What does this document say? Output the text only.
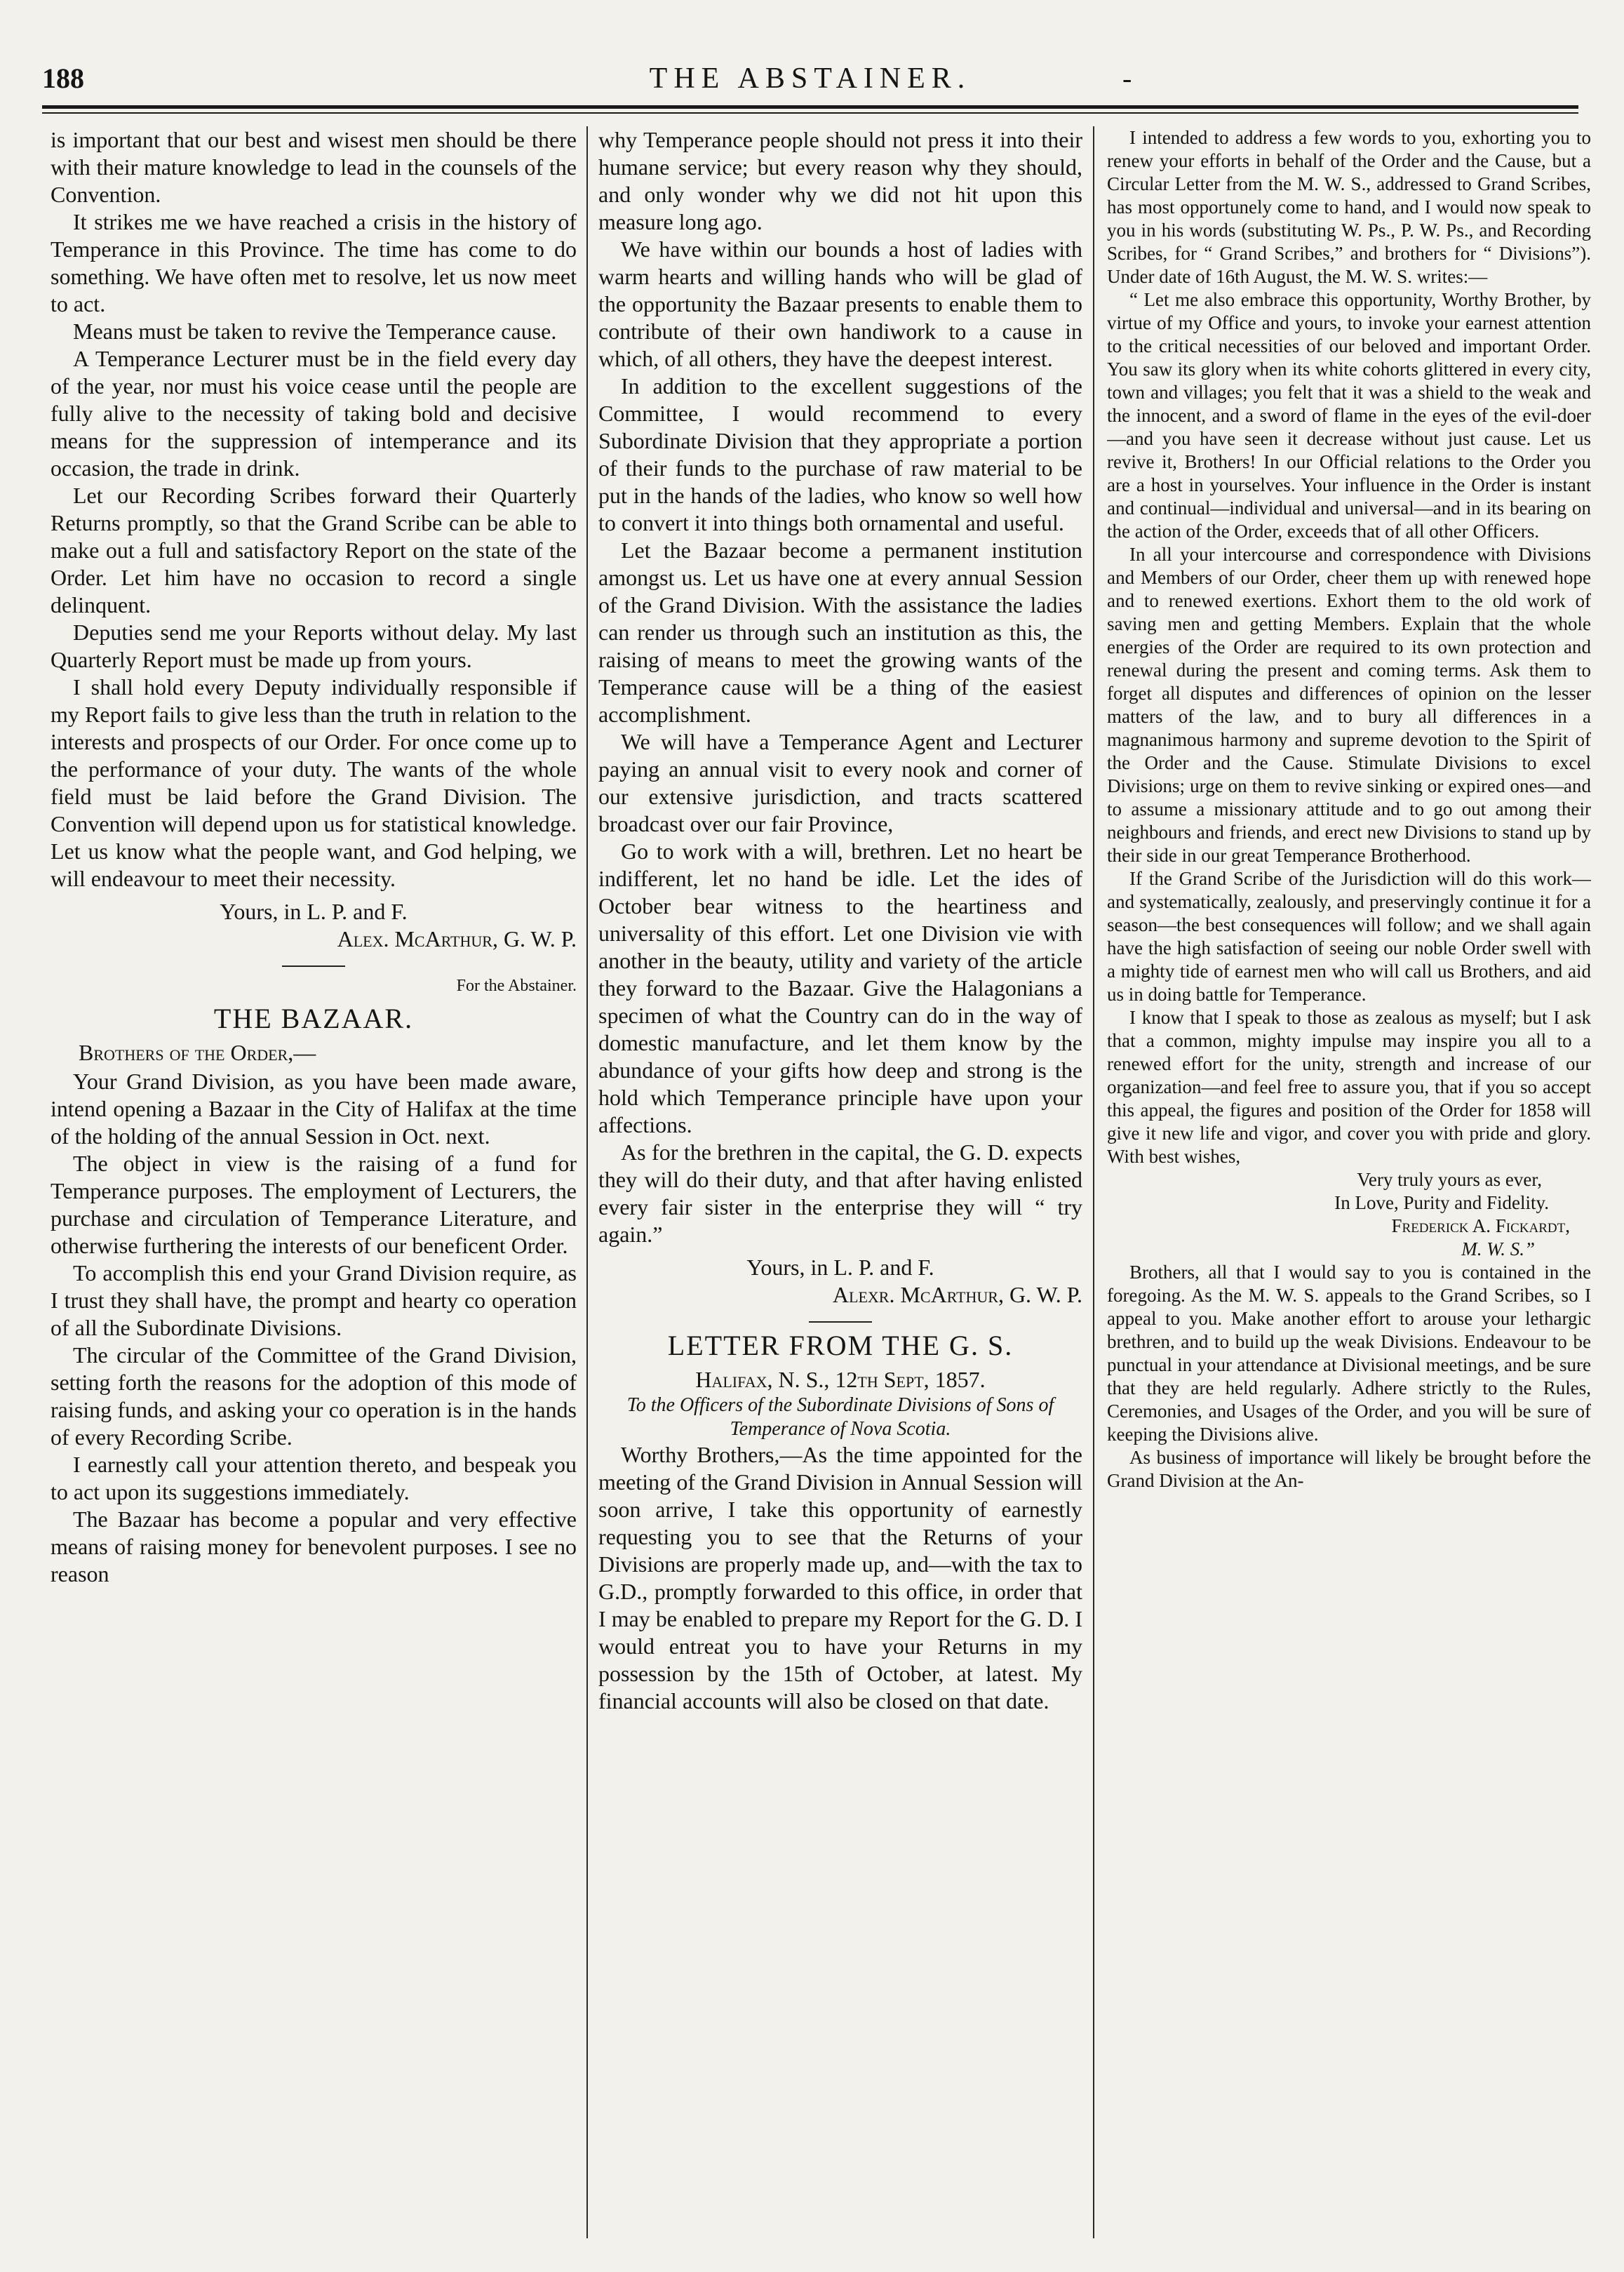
188	THE ABSTAINER.	-

is important that our best and wisest men should be there with their mature knowledge to lead in the counsels of the Convention.

It strikes me we have reached a crisis in the history of Temperance in this Province. The time has come to do something. We have often met to resolve, let us now meet to act.

Means must be taken to revive the Temperance cause.

A Temperance Lecturer must be in the field every day of the year, nor must his voice cease until the people are fully alive to the necessity of taking bold and decisive means for the suppression of intemperance and its occasion, the trade in drink.

Let our Recording Scribes forward their Quarterly Returns promptly, so that the Grand Scribe can be able to make out a full and satisfactory Report on the state of the Order. Let him have no occasion to record a single delinquent.

Deputies send me your Reports without delay. My last Quarterly Report must be made up from yours.

I shall hold every Deputy individually responsible if my Report fails to give less than the truth in relation to the interests and prospects of our Order. For once come up to the performance of your duty. The wants of the whole field must be laid before the Grand Division. The Convention will depend upon us for statistical knowledge. Let us know what the people want, and God helping, we will endeavour to meet their necessity.

Yours, in L. P. and F.
Alex. McArthur, G. W. P.
For the Abstainer.
THE BAZAAR.
Brothers of the Order,—

Your Grand Division, as you have been made aware, intend opening a Bazaar in the City of Halifax at the time of the holding of the annual Session in Oct. next.

The object in view is the raising of a fund for Temperance purposes. The employment of Lecturers, the purchase and circulation of Temperance Literature, and otherwise furthering the interests of our beneficent Order.

To accomplish this end your Grand Division require, as I trust they shall have, the prompt and hearty co operation of all the Subordinate Divisions.

The circular of the Committee of the Grand Division, setting forth the reasons for the adoption of this mode of raising funds, and asking your co operation is in the hands of every Recording Scribe.

I earnestly call your attention thereto, and bespeak you to act upon its suggestions immediately.

The Bazaar has become a popular and very effective means of raising money for benevolent purposes. I see no reason

why Temperance people should not press it into their humane service; but every reason why they should, and only wonder why we did not hit upon this measure long ago.

We have within our bounds a host of ladies with warm hearts and willing hands who will be glad of the opportunity the Bazaar presents to enable them to contribute of their own handiwork to a cause in which, of all others, they have the deepest interest.

In addition to the excellent suggestions of the Committee, I would recommend to every Subordinate Division that they appropriate a portion of their funds to the purchase of raw material to be put in the hands of the ladies, who know so well how to convert it into things both ornamental and useful.

Let the Bazaar become a permanent institution amongst us. Let us have one at every annual Session of the Grand Division. With the assistance the ladies can render us through such an institution as this, the raising of means to meet the growing wants of the Temperance cause will be a thing of the easiest accomplishment.

We will have a Temperance Agent and Lecturer paying an annual visit to every nook and corner of our extensive jurisdiction, and tracts scattered broadcast over our fair Province,

Go to work with a will, brethren. Let no heart be indifferent, let no hand be idle. Let the ides of October bear witness to the heartiness and universality of this effort. Let one Division vie with another in the beauty, utility and variety of the article they forward to the Bazaar. Give the Halagonians a specimen of what the Country can do in the way of domestic manufacture, and let them know by the abundance of your gifts how deep and strong is the hold which Temperance principle have upon your affections.

As for the brethren in the capital, the G. D. expects they will do their duty, and that after having enlisted every fair sister in the enterprise they will “ try again.”

Yours, in L. P. and F.
Alexr. McArthur, G. W. P.
LETTER FROM THE G. S.
Halifax, N. S., 12th Sept, 1857.
To the Officers of the Subordinate Divisions of Sons of Temperance of Nova Scotia.

Worthy Brothers,—As the time appointed for the meeting of the Grand Division in Annual Session will soon arrive, I take this opportunity of earnestly requesting you to see that the Returns of your Divisions are properly made up, and—with the tax to G.D., promptly forwarded to this office, in order that I may be enabled to prepare my Report for the G. D. I would entreat you to have your Returns in my possession by the 15th of October, at latest. My financial accounts will also be closed on that date.

I intended to address a few words to you, exhorting you to renew your efforts in behalf of the Order and the Cause, but a Circular Letter from the M. W. S., addressed to Grand Scribes, has most opportunely come to hand, and I would now speak to you in his words (substituting W. Ps., P. W. Ps., and Recording Scribes, for “ Grand Scribes,” and brothers for “ Divisions”). Under date of 16th August, the M. W. S. writes:—

“ Let me also embrace this opportunity, Worthy Brother, by virtue of my Office and yours, to invoke your earnest attention to the critical necessities of our beloved and important Order. You saw its glory when its white cohorts glittered in every city, town and villages; you felt that it was a shield to the weak and the innocent, and a sword of flame in the eyes of the evil-doer—and you have seen it decrease without just cause. Let us revive it, Brothers! In our Official relations to the Order you are a host in yourselves. Your influence in the Order is instant and continual—individual and universal—and in its bearing on the action of the Order, exceeds that of all other Officers.

In all your intercourse and correspondence with Divisions and Members of our Order, cheer them up with renewed hope and to renewed exertions. Exhort them to the old work of saving men and getting Members. Explain that the whole energies of the Order are required to its own protection and renewal during the present and coming terms. Ask them to forget all disputes and differences of opinion on the lesser matters of the law, and to bury all differences in a magnanimous harmony and supreme devotion to the Spirit of the Order and the Cause. Stimulate Divisions to excel Divisions; urge on them to revive sinking or expired ones—and to assume a missionary attitude and to go out among their neighbours and friends, and erect new Divisions to stand up by their side in our great Temperance Brotherhood.

If the Grand Scribe of the Jurisdiction will do this work—and systematically, zealously, and preservingly continue it for a season—the best consequences will follow; and we shall again have the high satisfaction of seeing our noble Order swell with a mighty tide of earnest men who will call us Brothers, and aid us in doing battle for Temperance.

I know that I speak to those as zealous as myself; but I ask that a common, mighty impulse may inspire you all to a renewed effort for the unity, strength and increase of our organization—and feel free to assure you, that if you so accept this appeal, the figures and position of the Order for 1858 will give it new life and vigor, and cover you with pride and glory. With best wishes,

Very truly yours as ever,
In Love, Purity and Fidelity.
Frederick A. Fickardt,
M. W. S.”

Brothers, all that I would say to you is contained in the foregoing. As the M. W. S. appeals to the Grand Scribes, so I appeal to you. Make another effort to arouse your lethargic brethren, and to build up the weak Divisions. Endeavour to be punctual in your attendance at Divisional meetings, and be sure that they are held regularly. Adhere strictly to the Rules, Ceremonies, and Usages of the Order, and you will be sure of keeping the Divisions alive.

As business of importance will likely be brought before the Grand Division at the An-
